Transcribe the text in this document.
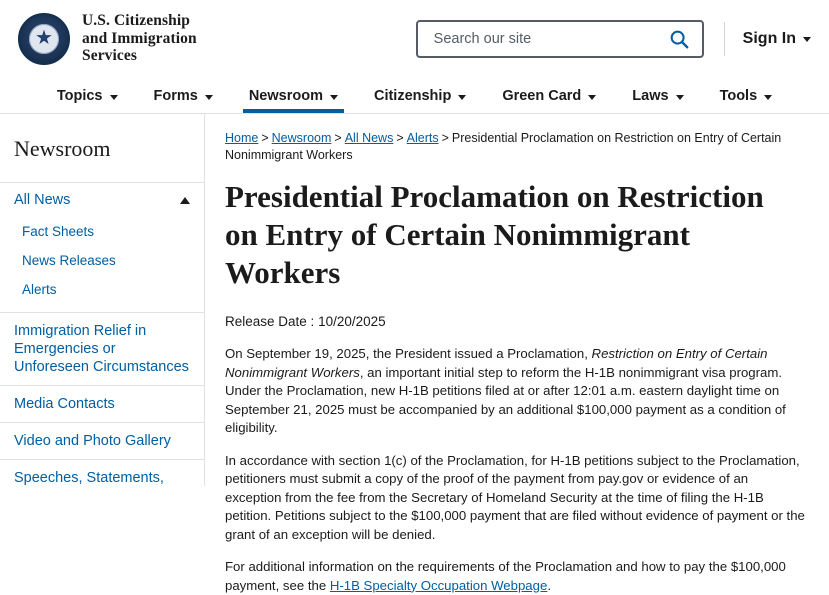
U.S. Citizenship
and Immigration
Services
Search our site
Sign In
Topics	Forms	Newsroom	Citizenship	Green Card	Laws	Tools
Newsroom
All News
Fact Sheets
News Releases
Alerts
Immigration Relief in Emergencies or Unforeseen Circumstances
Media Contacts
Video and Photo Gallery
Speeches, Statements,
Home > Newsroom > All News > Alerts > Presidential Proclamation on Restriction on Entry of Certain Nonimmigrant Workers
Presidential Proclamation on Restriction on Entry of Certain Nonimmigrant Workers
Release Date : 10/20/2025

On September 19, 2025, the President issued a Proclamation, Restriction on Entry of Certain Nonimmigrant Workers, an important initial step to reform the H-1B nonimmigrant visa program. Under the Proclamation, new H-1B petitions filed at or after 12:01 a.m. eastern daylight time on September 21, 2025 must be accompanied by an additional $100,000 payment as a condition of eligibility.

In accordance with section 1(c) of the Proclamation, for H-1B petitions subject to the Proclamation, petitioners must submit a copy of the proof of the payment from pay.gov or evidence of an exception from the fee from the Secretary of Homeland Security at the time of filing the H-1B petition. Petitions subject to the $100,000 payment that are filed without evidence of payment or the grant of an exception will be denied.

For additional information on the requirements of the Proclamation and how to pay the $100,000 payment, see the H-1B Specialty Occupation Webpage.
